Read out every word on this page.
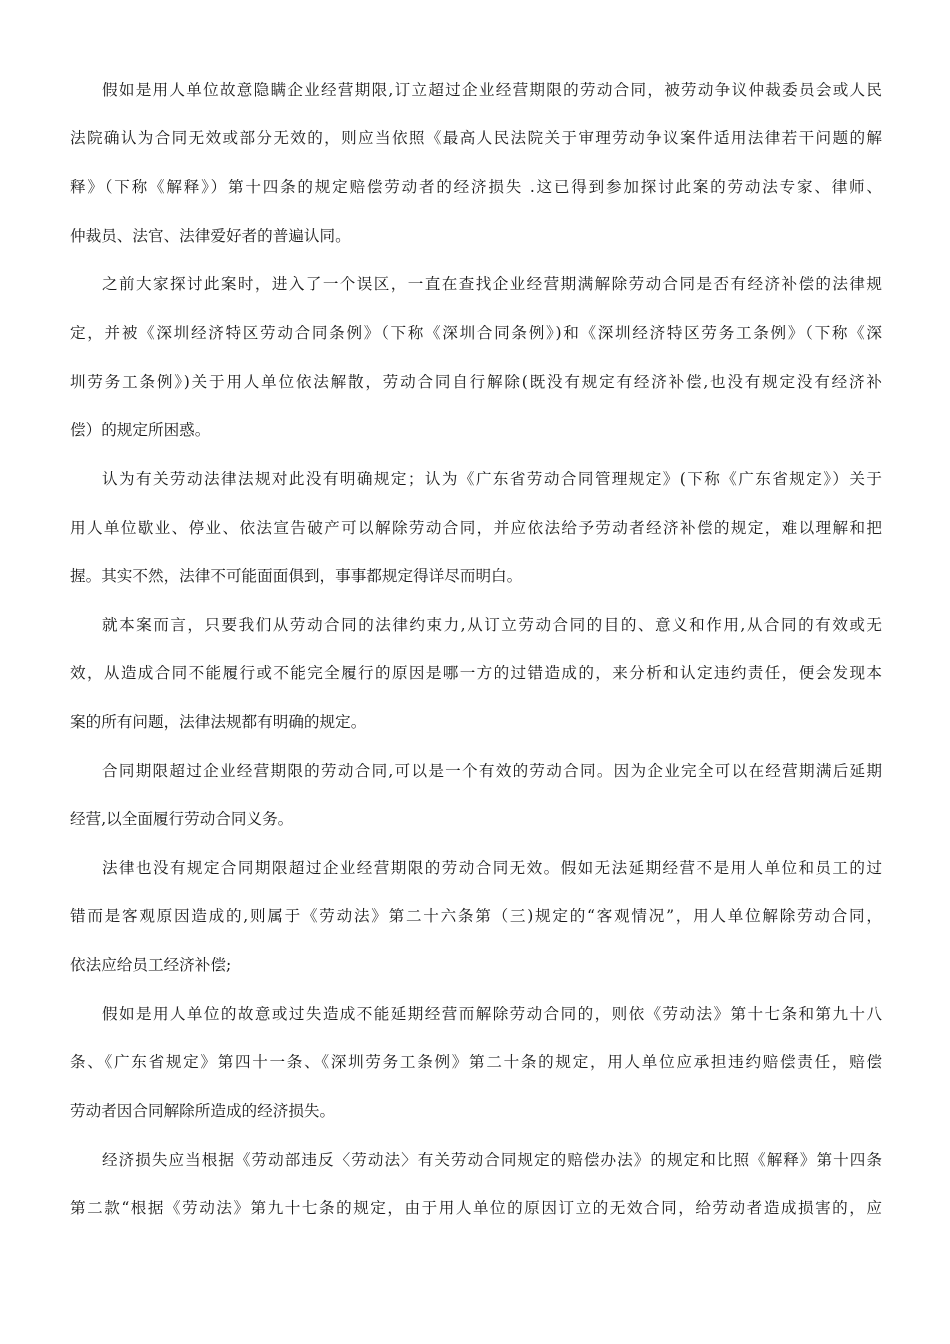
假如是用人单位故意隐瞒企业经营期限,订立超过企业经营期限的劳动合同，被劳动争议仲裁委员会或人民

法院确认为合同无效或部分无效的，则应当依照《最高人民法院关于审理劳动争议案件适用法律若干问题的解

释》（下称《解释》）第十四条的规定赔偿劳动者的经济损失 .这已得到参加探讨此案的劳动法专家、律师、

仲裁员、法官、法律爱好者的普遍认同。

之前大家探讨此案时，进入了一个误区，一直在查找企业经营期满解除劳动合同是否有经济补偿的法律规

定，并被《深圳经济特区劳动合同条例》（下称《深圳合同条例》)和《深圳经济特区劳务工条例》（下称《深

圳劳务工条例》)关于用人单位依法解散，劳动合同自行解除(既没有规定有经济补偿,也没有规定没有经济补

偿）的规定所困惑。

认为有关劳动法律法规对此没有明确规定；认为《广东省劳动合同管理规定》(下称《广东省规定》）关于

用人单位歇业、停业、依法宣告破产可以解除劳动合同，并应依法给予劳动者经济补偿的规定，难以理解和把

握。其实不然，法律不可能面面俱到，事事都规定得详尽而明白。

就本案而言，只要我们从劳动合同的法律约束力,从订立劳动合同的目的、意义和作用,从合同的有效或无

效，从造成合同不能履行或不能完全履行的原因是哪一方的过错造成的，来分析和认定违约责任，便会发现本

案的所有问题，法律法规都有明确的规定。

合同期限超过企业经营期限的劳动合同,可以是一个有效的劳动合同。因为企业完全可以在经营期满后延期

经营,以全面履行劳动合同义务。

法律也没有规定合同期限超过企业经营期限的劳动合同无效。假如无法延期经营不是用人单位和员工的过

错而是客观原因造成的,则属于《劳动法》第二十六条第（三)规定的“客观情况”，用人单位解除劳动合同，

依法应给员工经济补偿;

假如是用人单位的故意或过失造成不能延期经营而解除劳动合同的，则依《劳动法》第十七条和第九十八

条、《广东省规定》第四十一条、《深圳劳务工条例》第二十条的规定，用人单位应承担违约赔偿责任，赔偿

劳动者因合同解除所造成的经济损失。

经济损失应当根据《劳动部违反〈劳动法〉有关劳动合同规定的赔偿办法》的规定和比照《解释》第十四条

第二款“根据《劳动法》第九十七条的规定，由于用人单位的原因订立的无效合同，给劳动者造成损害的，应
